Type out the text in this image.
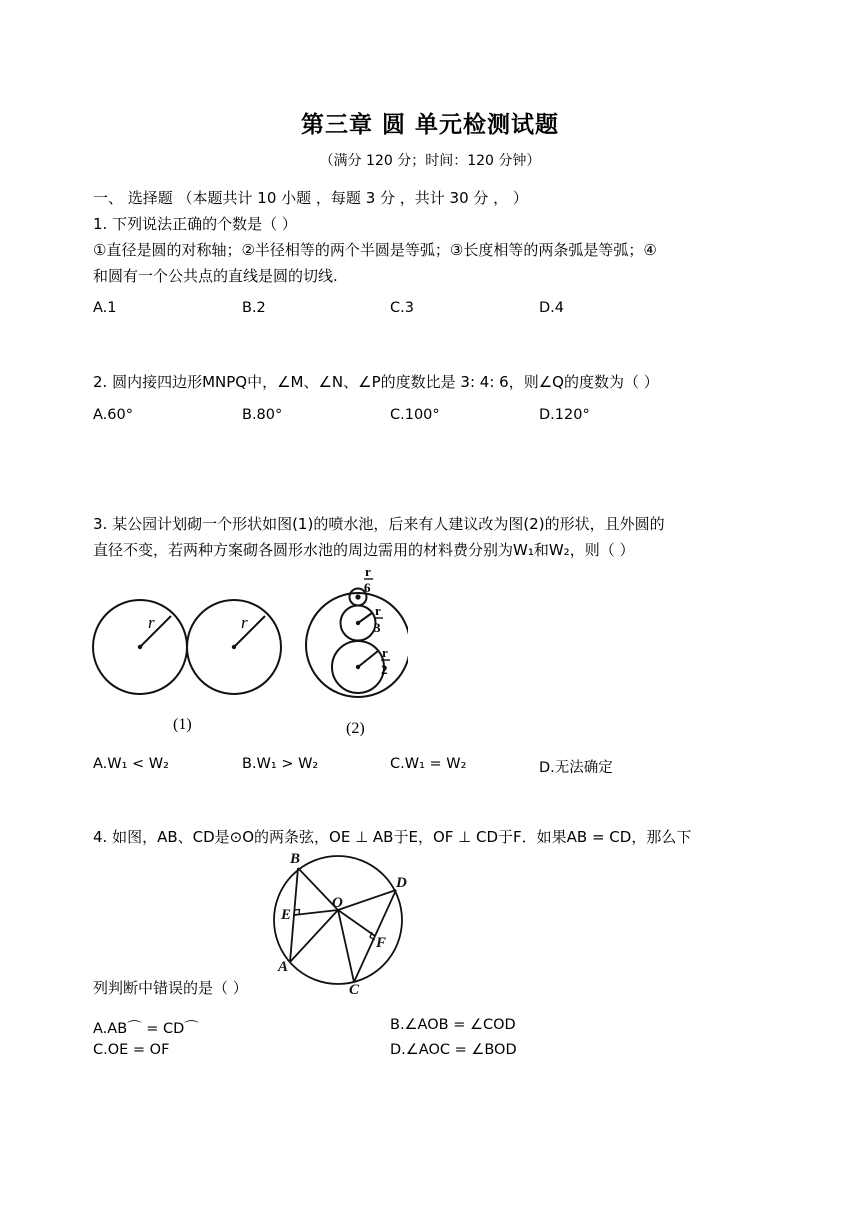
第三章 圆 单元检测试题
（满分 120 分；时间：120 分钟）
一、 选择题 （本题共计 10 小题 ，每题 3 分 ，共计 30 分 ， ）
1. 下列说法正确的个数是（ ）
①直径是圆的对称轴；②半径相等的两个半圆是等弧；③长度相等的两条弧是等弧；④
和圆有一个公共点的直线是圆的切线.
A.1	B.2	C.3	D.4
2. 圆内接四边形MNPQ中，∠M、∠N、∠P的度数比是 3: 4: 6，则∠Q的度数为（ ）
A.60°	B.80°	C.100°	D.120°
3. 某公园计划砌一个形状如图(1)的喷水池，后来有人建议改为图(2)的形状，且外圆的
直径不变，若两种方案砌各圆形水池的周边需用的材料费分别为W₁和W₂，则（ ）
r	r
r
6
r
3
r
2
(1)	(2)
A.W₁ < W₂	B.W₁ > W₂	C.W₁ = W₂	D.无法确定
4. 如图，AB、CD是⊙O的两条弦，OE ⊥ AB于E，OF ⊥ CD于F．如果AB = CD，那么下
B
D
E
O
F
A
C
列判断中错误的是（ ）
A.AB⌒ = CD⌒	B.∠AOB = ∠COD
C.OE = OF	D.∠AOC = ∠BOD
